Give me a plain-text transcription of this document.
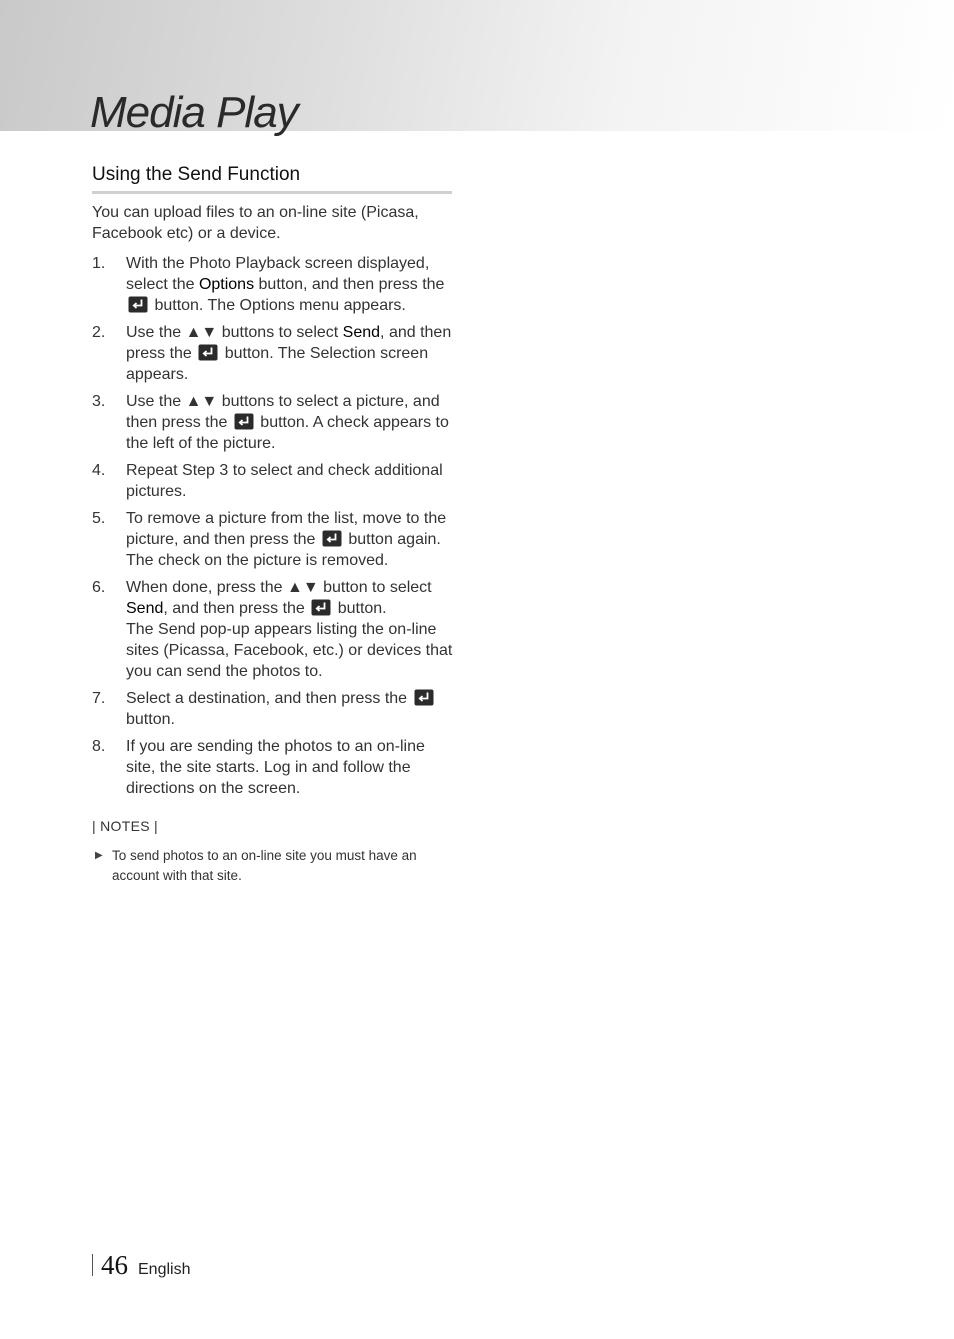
Media Play
Using the Send Function

You can upload files to an on-line site (Picasa, Facebook etc) or a device.

1. With the Photo Playback screen displayed, select the Options button, and then press the  button. The Options menu appears.
2. Use the ▲▼ buttons to select Send, and then press the  button. The Selection screen appears.
3. Use the ▲▼ buttons to select a picture, and then press the  button. A check appears to the left of the picture.
4. Repeat Step 3 to select and check additional pictures.
5. To remove a picture from the list, move to the picture, and then press the  button again. The check on the picture is removed.
6. When done, press the ▲▼ button to select Send, and then press the  button.
The Send pop-up appears listing the on-line sites (Picassa, Facebook, etc.) or devices that you can send the photos to.
7. Select a destination, and then press the  button.
8. If you are sending the photos to an on-line site, the site starts. Log in and follow the directions on the screen.
| NOTES |
▶ To send photos to an on-line site you must have an account with that site.
46 English
